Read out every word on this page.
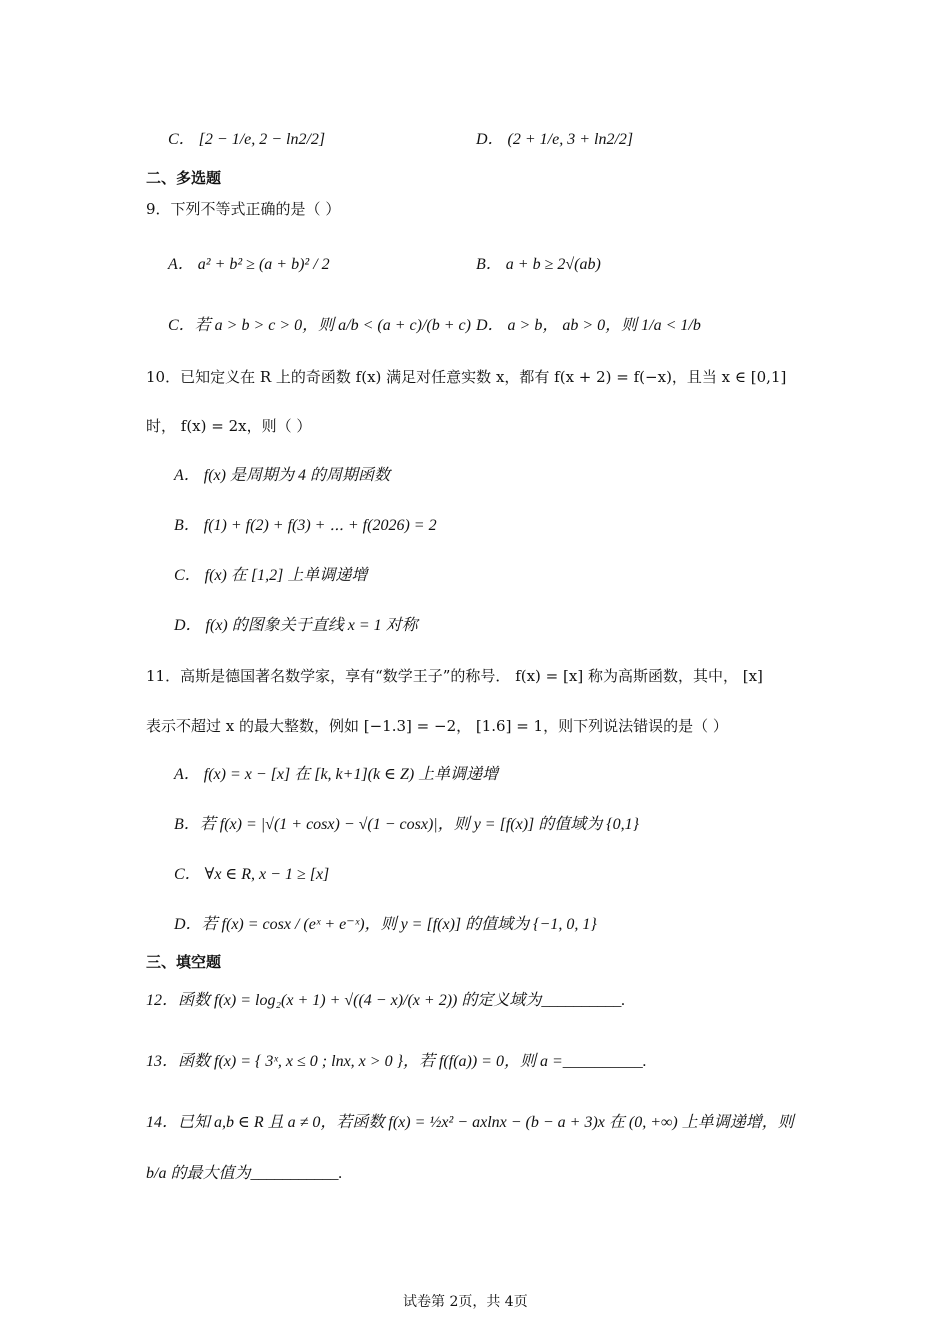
C． [2 − 1/e, 2 − ln2/2]	D． (2 + 1/e, 3 + ln2/2]
二、多选题
9．下列不等式正确的是（ ）
A． a² + b² ≥ (a + b)² / 2	B． a + b ≥ 2√(ab)
C．若 a > b > c > 0，则 a/b < (a + c)/(b + c) D． a > b， ab > 0，则 1/a < 1/b
10．已知定义在 R 上的奇函数 f(x) 满足对任意实数 x，都有 f(x + 2) = f(−x)，且当 x ∈ [0,1]
时， f(x) = 2x，则（ ）
A． f(x) 是周期为 4 的周期函数
B． f(1) + f(2) + f(3) + ⋯ + f(2026) = 2
C． f(x) 在 [1,2] 上单调递增
D． f(x) 的图象关于直线 x = 1 对称
11．高斯是德国著名数学家，享有“数学王子”的称号． f(x) = [x] 称为高斯函数，其中， [x]
表示不超过 x 的最大整数，例如 [−1.3] = −2， [1.6] = 1，则下列说法错误的是（ ）
A． f(x) = x − [x] 在 [k, k+1](k ∈ Z) 上单调递增
B．若 f(x) = |√(1 + cosx) − √(1 − cosx)|，则 y = [f(x)] 的值域为 {0,1}
C． ∀x ∈ R, x − 1 ≥ [x]
D．若 f(x) = cosx / (eˣ + e⁻ˣ)，则 y = [f(x)] 的值域为 {−1, 0, 1}
三、填空题
12．函数 f(x) = log₂(x + 1) + √((4 − x)/(x + 2)) 的定义域为__________.
13．函数 f(x) = { 3ˣ, x ≤ 0 ; lnx, x > 0 }，若 f(f(a)) = 0，则 a =__________.
14．已知 a,b ∈ R 且 a ≠ 0，若函数 f(x) = ½x² − axlnx − (b − a + 3)x 在 (0, +∞) 上单调递增，则
b/a 的最大值为___________.
试卷第 2页，共 4页
